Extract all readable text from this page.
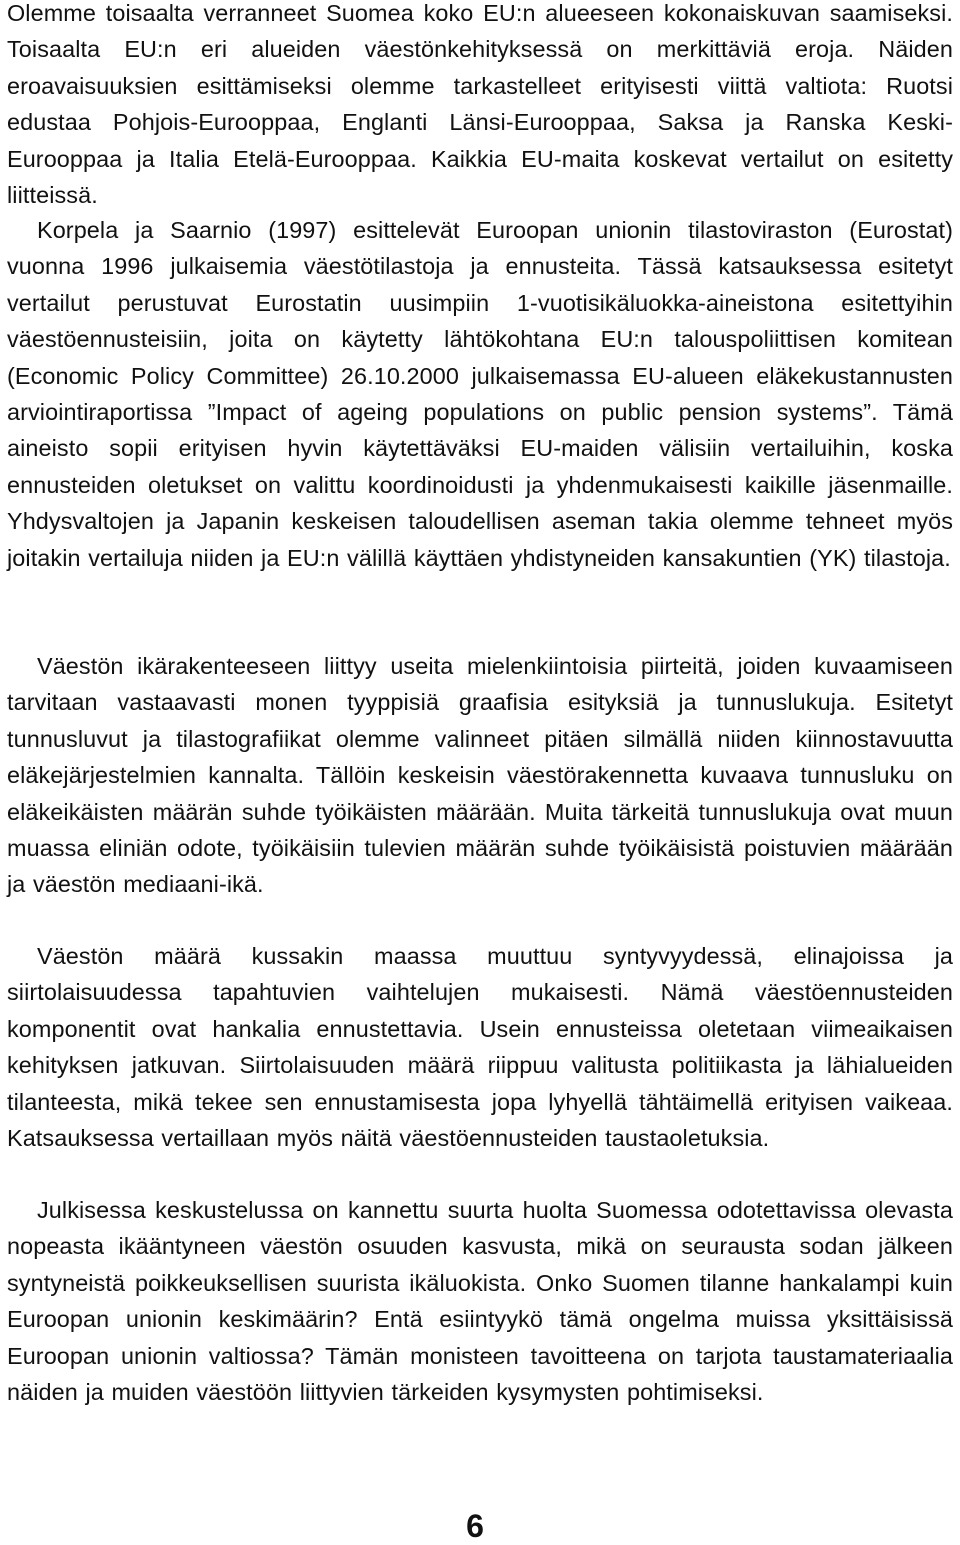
Olemme toisaalta verranneet Suomea koko EU:n alueeseen kokonaiskuvan saamiseksi. Toisaalta EU:n eri alueiden väestönkehityksessä on merkittäviä eroja. Näiden eroavaisuuksien esittämiseksi olemme tarkastelleet erityisesti viittä valtiota: Ruotsi edustaa Pohjois-Eurooppaa, Englanti Länsi-Eurooppaa, Saksa ja Ranska Keski-Eurooppaa ja Italia Etelä-Eurooppaa. Kaikkia EU-maita koskevat vertailut on esitetty liitteissä.

Korpela ja Saarnio (1997) esittelevät Euroopan unionin tilastoviraston (Eurostat) vuonna 1996 julkaisemia väestötilastoja ja ennusteita. Tässä katsauksessa esitetyt vertailut perustuvat Eurostatin uusimpiin 1-vuotisikäluokka-aineistona esitettyihin väestöennusteisiin, joita on käytetty lähtökohtana EU:n talouspoliittisen komitean (Economic Policy Committee) 26.10.2000 julkaisemassa EU-alueen eläkekustannusten arviointiraportissa ”Impact of ageing populations on public pension systems”. Tämä aineisto sopii erityisen hyvin käytettäväksi EU-maiden välisiin vertailuihin, koska ennusteiden oletukset on valittu koordinoidusti ja yhdenmukaisesti kaikille jäsenmaille. Yhdysvaltojen ja Japanin keskeisen taloudellisen aseman takia olemme tehneet myös joitakin vertailuja niiden ja EU:n välillä käyttäen yhdistyneiden kansakuntien (YK) tilastoja.

Väestön ikärakenteeseen liittyy useita mielenkiintoisia piirteitä, joiden kuvaamiseen tarvitaan vastaavasti monen tyyppisiä graafisia esityksiä ja tunnuslukuja. Esitetyt tunnusluvut ja tilastografiikat olemme valinneet pitäen silmällä niiden kiinnostavuutta eläkejärjestelmien kannalta. Tällöin keskeisin väestörakennetta kuvaava tunnusluku on eläkeikäisten määrän suhde työikäisten määrään. Muita tärkeitä tunnuslukuja ovat muun muassa eliniän odote, työikäisiin tulevien määrän suhde työikäisistä poistuvien määrään ja väestön mediaani-ikä.

Väestön määrä kussakin maassa muuttuu syntyvyydessä, elinajoissa ja siirtolaisuudessa tapahtuvien vaihtelujen mukaisesti. Nämä väestöennusteiden komponentit ovat hankalia ennustettavia. Usein ennusteissa oletetaan viimeaikaisen kehityksen jatkuvan. Siirtolaisuuden määrä riippuu valitusta politiikasta ja lähialueiden tilanteesta, mikä tekee sen ennustamisesta jopa lyhyellä tähtäimellä erityisen vaikeaa. Katsauksessa vertaillaan myös näitä väestöennusteiden taustaoletuksia.

Julkisessa keskustelussa on kannettu suurta huolta Suomessa odotettavissa olevasta nopeasta ikääntyneen väestön osuuden kasvusta, mikä on seurausta sodan jälkeen syntyneistä poikkeuksellisen suurista ikäluokista. Onko Suomen tilanne hankalampi kuin Euroopan unionin keskimäärin? Entä esiintyykö tämä ongelma muissa yksittäisissä Euroopan unionin valtiossa? Tämän monisteen tavoitteena on tarjota taustamateriaalia näiden ja muiden väestöön liittyvien tärkeiden kysymysten pohtimiseksi.

6
